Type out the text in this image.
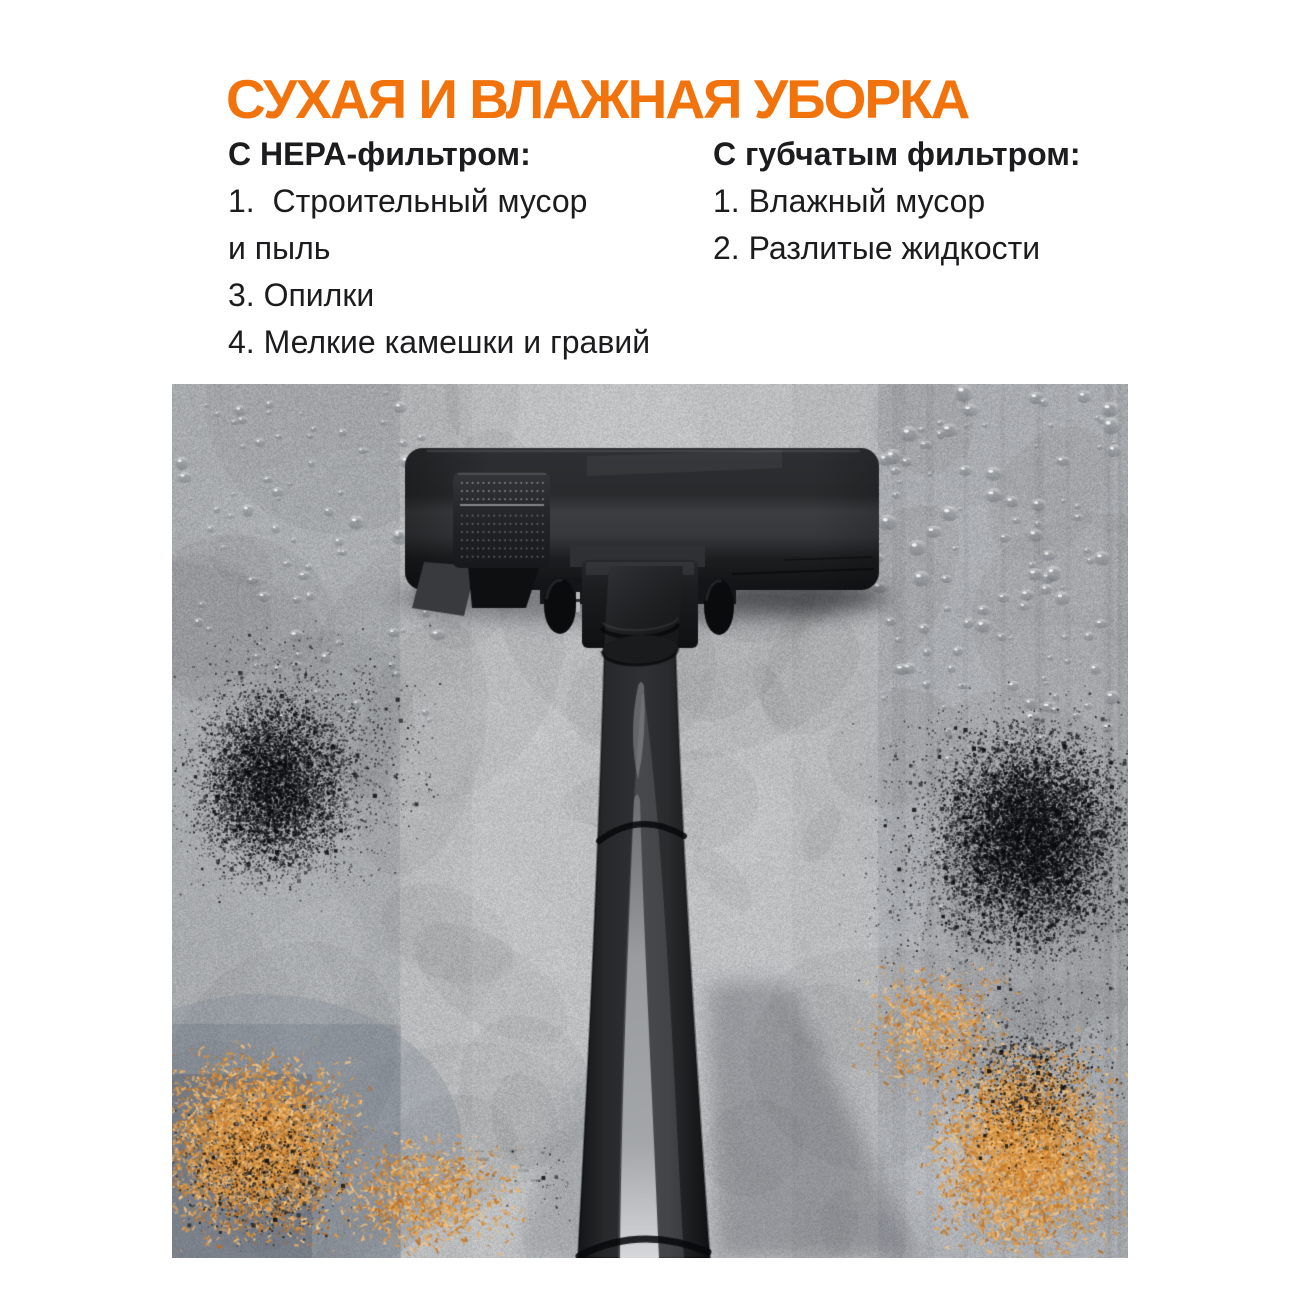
СУХАЯ И ВЛАЖНАЯ УБОРКА
С HEPA-фильтром:
1.  Строительный мусор
и пыль
3. Опилки
4. Мелкие камешки и гравий
С губчатым фильтром:
1. Влажный мусор
2. Разлитые жидкости
